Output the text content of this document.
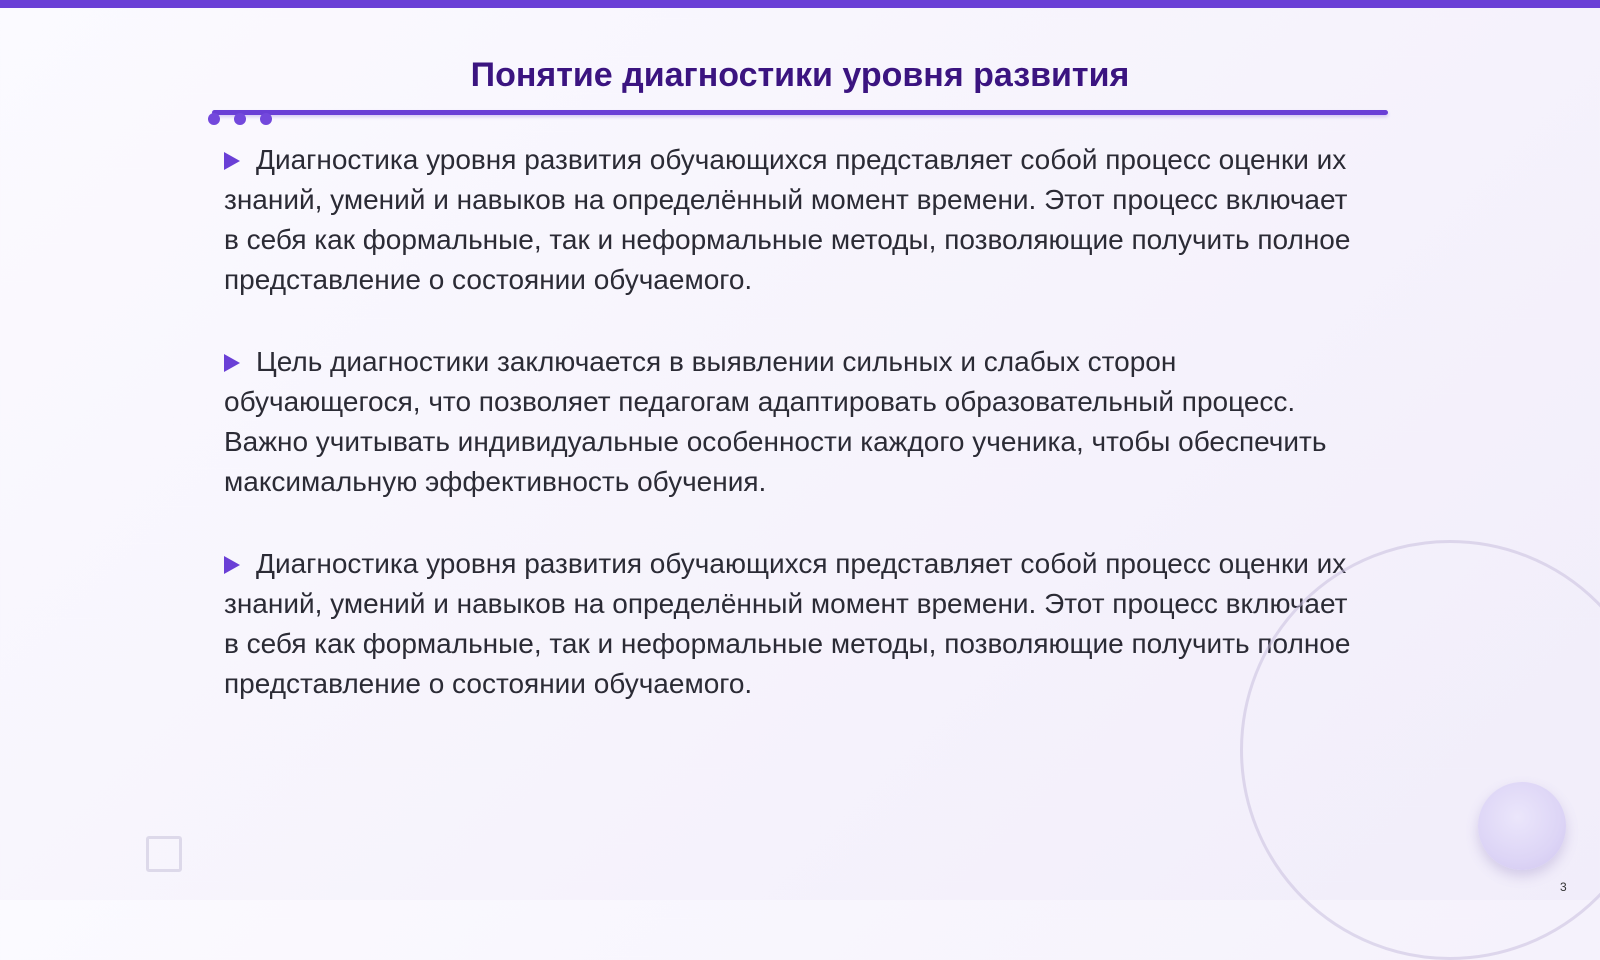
Понятие диагностики уровня развития

Диагностика уровня развития обучающихся представляет собой процесс оценки их знаний, умений и навыков на определённый момент времени. Этот процесс включает в себя как формальные, так и неформальные методы, позволяющие получить полное представление о состоянии обучаемого.

Цель диагностики заключается в выявлении сильных и слабых сторон обучающегося, что позволяет педагогам адаптировать образовательный процесс. Важно учитывать индивидуальные особенности каждого ученика, чтобы обеспечить максимальную эффективность обучения.

Диагностика уровня развития обучающихся представляет собой процесс оценки их знаний, умений и навыков на определённый момент времени. Этот процесс включает в себя как формальные, так и неформальные методы, позволяющие получить полное представление о состоянии обучаемого.

3
